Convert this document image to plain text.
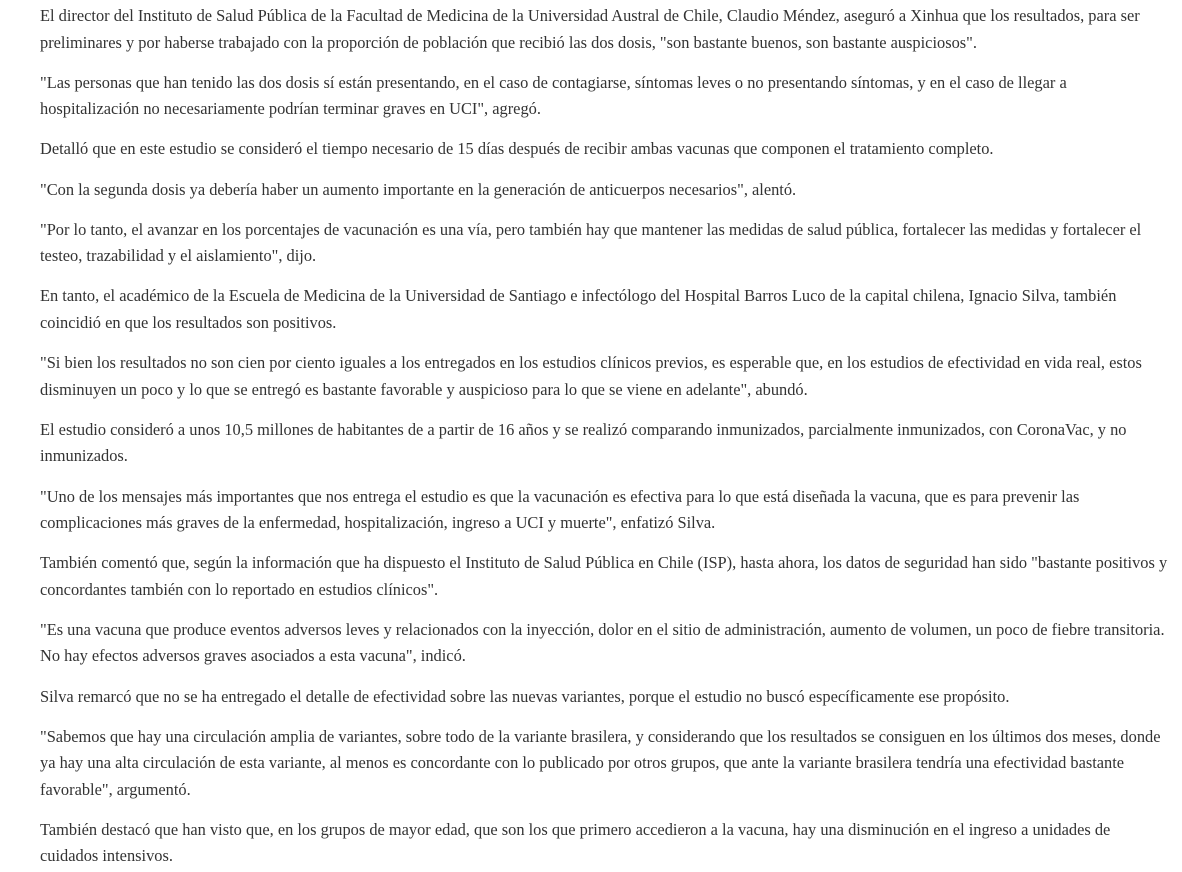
El director del Instituto de Salud Pública de la Facultad de Medicina de la Universidad Austral de Chile, Claudio Méndez, aseguró a Xinhua que los resultados, para ser preliminares y por haberse trabajado con la proporción de población que recibió las dos dosis, "son bastante buenos, son bastante auspiciosos".

"Las personas que han tenido las dos dosis sí están presentando, en el caso de contagiarse, síntomas leves o no presentando síntomas, y en el caso de llegar a hospitalización no necesariamente podrían terminar graves en UCI", agregó.

Detalló que en este estudio se consideró el tiempo necesario de 15 días después de recibir ambas vacunas que componen el tratamiento completo.

"Con la segunda dosis ya debería haber un aumento importante en la generación de anticuerpos necesarios", alentó.

"Por lo tanto, el avanzar en los porcentajes de vacunación es una vía, pero también hay que mantener las medidas de salud pública, fortalecer las medidas y fortalecer el testeo, trazabilidad y el aislamiento", dijo.

En tanto, el académico de la Escuela de Medicina de la Universidad de Santiago e infectólogo del Hospital Barros Luco de la capital chilena, Ignacio Silva, también coincidió en que los resultados son positivos.

"Si bien los resultados no son cien por ciento iguales a los entregados en los estudios clínicos previos, es esperable que, en los estudios de efectividad en vida real, estos disminuyen un poco y lo que se entregó es bastante favorable y auspicioso para lo que se viene en adelante", abundó.

El estudio consideró a unos 10,5 millones de habitantes de a partir de 16 años y se realizó comparando inmunizados, parcialmente inmunizados, con CoronaVac, y no inmunizados.

"Uno de los mensajes más importantes que nos entrega el estudio es que la vacunación es efectiva para lo que está diseñada la vacuna, que es para prevenir las complicaciones más graves de la enfermedad, hospitalización, ingreso a UCI y muerte", enfatizó Silva.

También comentó que, según la información que ha dispuesto el Instituto de Salud Pública en Chile (ISP), hasta ahora, los datos de seguridad han sido "bastante positivos y concordantes también con lo reportado en estudios clínicos".

"Es una vacuna que produce eventos adversos leves y relacionados con la inyección, dolor en el sitio de administración, aumento de volumen, un poco de fiebre transitoria. No hay efectos adversos graves asociados a esta vacuna", indicó.

Silva remarcó que no se ha entregado el detalle de efectividad sobre las nuevas variantes, porque el estudio no buscó específicamente ese propósito.

"Sabemos que hay una circulación amplia de variantes, sobre todo de la variante brasilera, y considerando que los resultados se consiguen en los últimos dos meses, donde ya hay una alta circulación de esta variante, al menos es concordante con lo publicado por otros grupos, que ante la variante brasilera tendría una efectividad bastante favorable", argumentó.

También destacó que han visto que, en los grupos de mayor edad, que son los que primero accedieron a la vacuna, hay una disminución en el ingreso a unidades de cuidados intensivos.
